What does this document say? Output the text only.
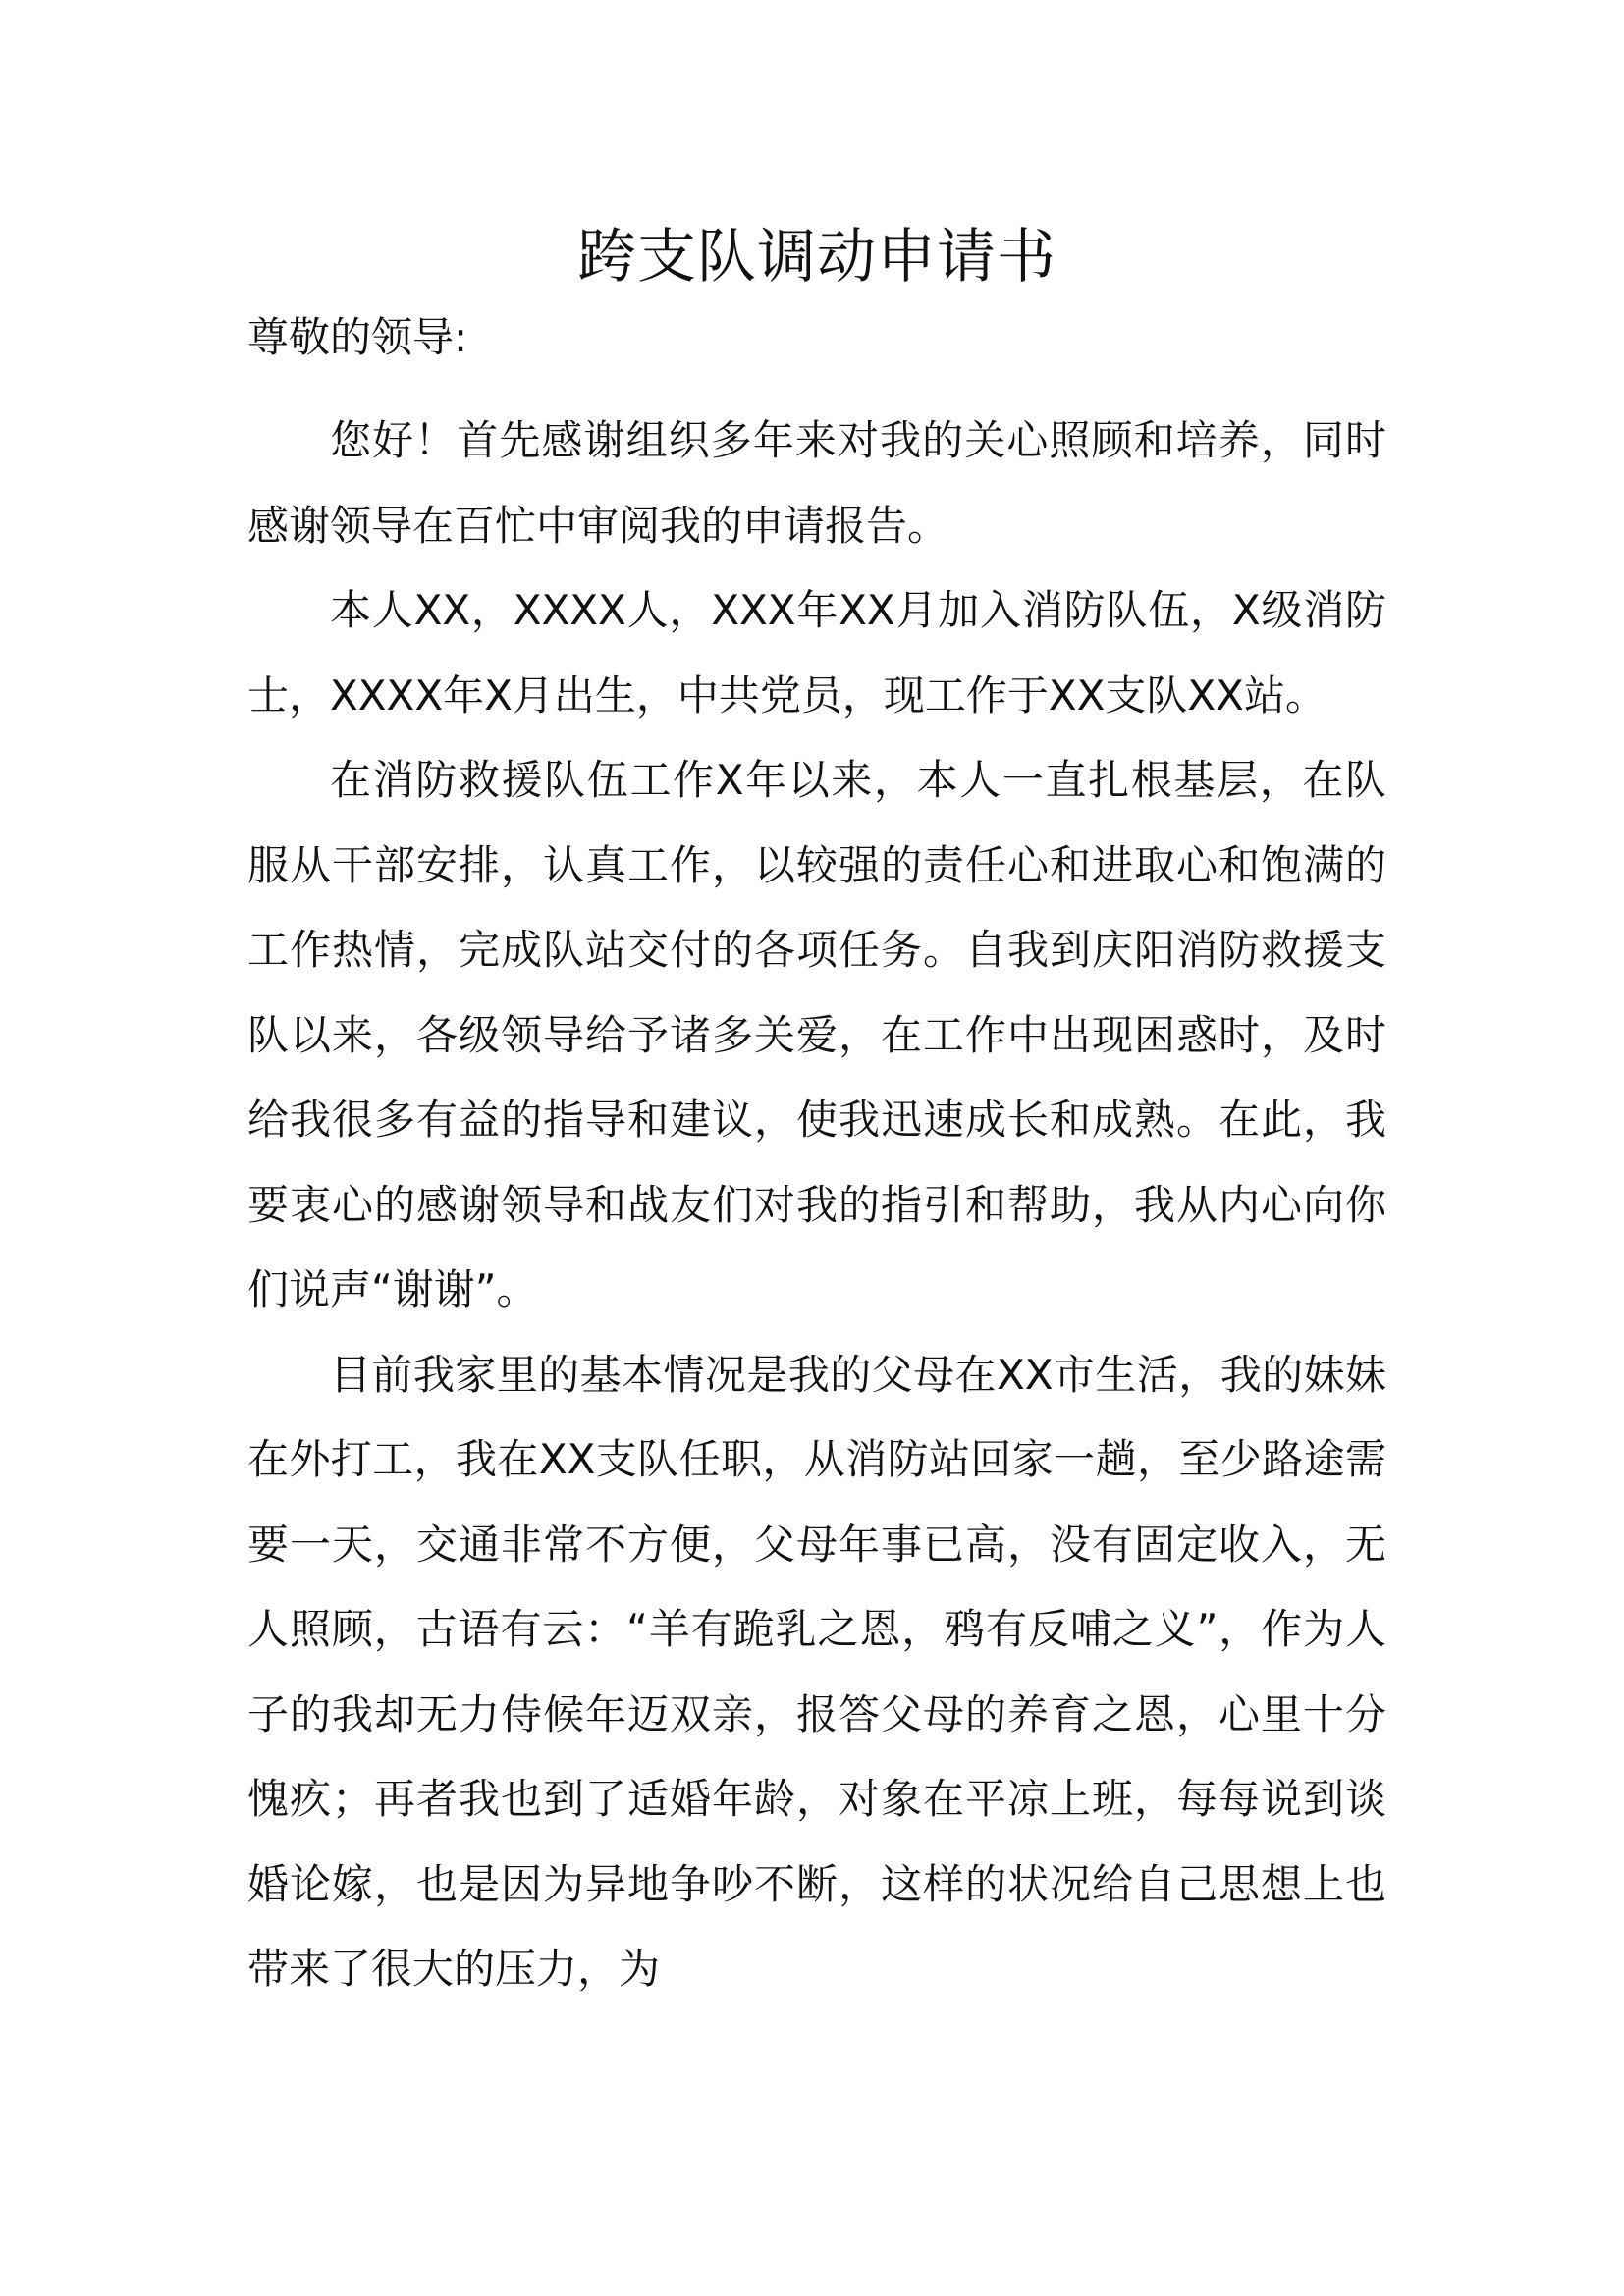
跨支队调动申请书

尊敬的领导:

您好！首先感谢组织多年来对我的关心照顾和培养，同时感谢领导在百忙中审阅我的申请报告。

本人XX，XXXX人，XXX年XX月加入消防队伍，X级消防士，XXXX年X月出生，中共党员，现工作于XX支队XX站。

在消防救援队伍工作X年以来，本人一直扎根基层，在队服从干部安排，认真工作，以较强的责任心和进取心和饱满的工作热情，完成队站交付的各项任务。自我到庆阳消防救援支队以来，各级领导给予诸多关爱，在工作中出现困惑时，及时给我很多有益的指导和建议，使我迅速成长和成熟。在此，我要衷心的感谢领导和战友们对我的指引和帮助，我从内心向你们说声“谢谢”。

目前我家里的基本情况是我的父母在XX市生活，我的妹妹在外打工，我在XX支队任职，从消防站回家一趟，至少路途需要一天，交通非常不方便，父母年事已高，没有固定收入，无人照顾，古语有云：“羊有跪乳之恩，鸦有反哺之义”，作为人子的我却无力侍候年迈双亲，报答父母的养育之恩，心里十分愧疚；再者我也到了适婚年龄，对象在平凉上班，每每说到谈婚论嫁，也是因为异地争吵不断，这样的状况给自己思想上也带来了很大的压力，为
